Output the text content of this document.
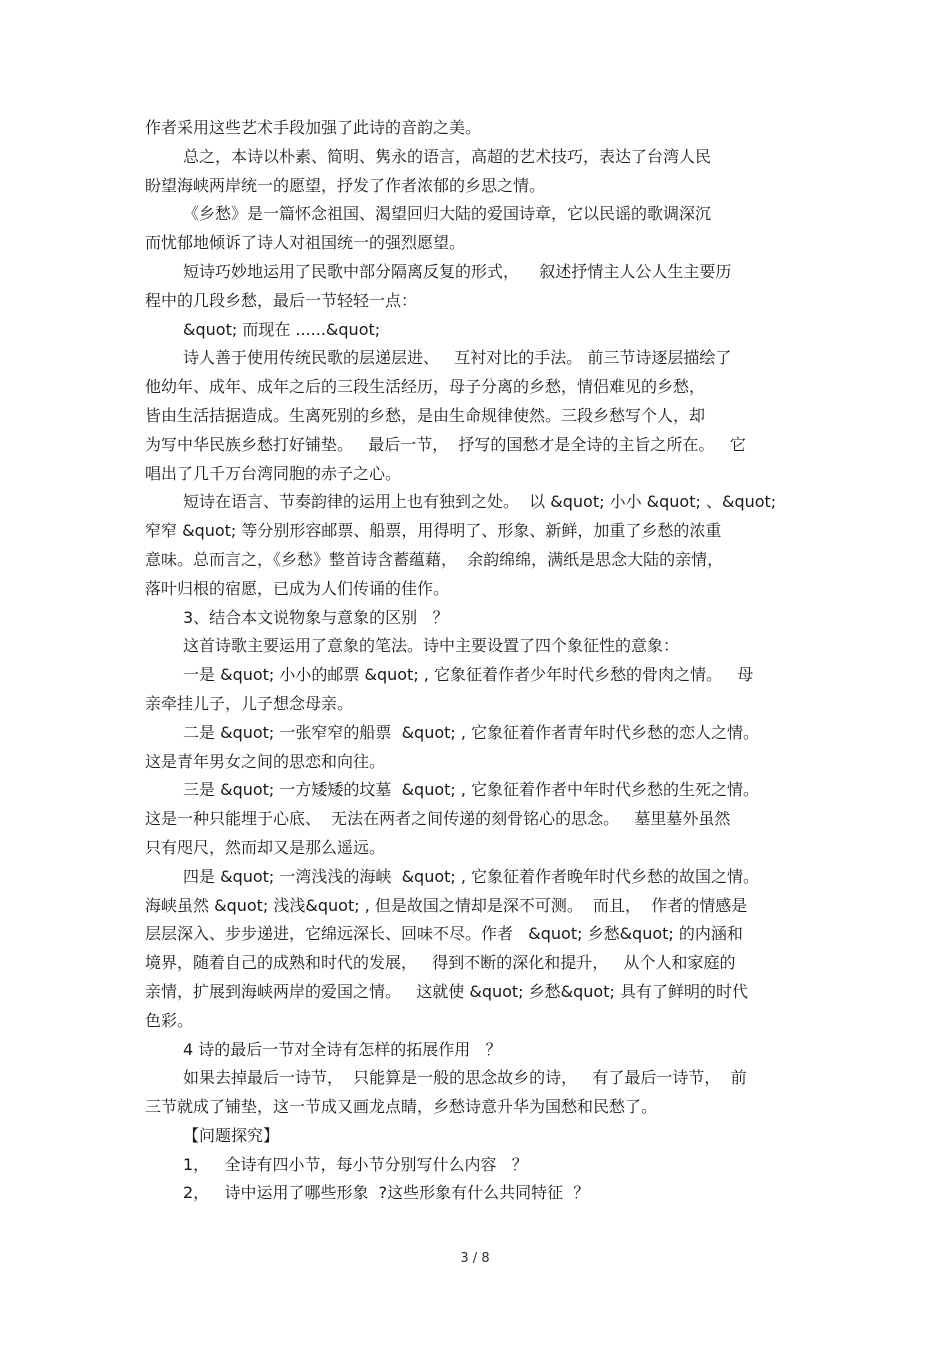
作者采用这些艺术手段加强了此诗的音韵之美。
总之，本诗以朴素、简明、隽永的语言，高超的艺术技巧，表达了台湾人民
盼望海峡两岸统一的愿望，抒发了作者浓郁的乡思之情。
《乡愁》是一篇怀念祖国、渴望回归大陆的爱国诗章，它以民谣的歌调深沉
而忧郁地倾诉了诗人对祖国统一的强烈愿望。
短诗巧妙地运用了民歌中部分隔离反复的形式，    叙述抒情主人公人生主要历
程中的几段乡愁，最后一节轻轻一点：
&quot; 而现在 ......&quot;
诗人善于使用传统民歌的层递层进、   互衬对比的手法。 前三节诗逐层描绘了
他幼年、成年、成年之后的三段生活经历，母子分离的乡愁，情侣难见的乡愁，
皆由生活拮据造成。生离死别的乡愁，是由生命规律使然。三段乡愁写个人，却
为写中华民族乡愁打好铺垫。   最后一节，  抒写的国愁才是全诗的主旨之所在。   它
唱出了几千万台湾同胞的赤子之心。
短诗在语言、节奏韵律的运用上也有独到之处。  以 &quot; 小小 &quot; 、&quot;
窄窄 &quot; 等分别形容邮票、船票，用得明了、形象、新鲜，加重了乡愁的浓重
意味。总而言之，《乡愁》整首诗含蓄蕴藉，  余韵绵绵，满纸是思念大陆的亲情，
落叶归根的宿愿，已成为人们传诵的佳作。
3、结合本文说物象与意象的区别   ？
这首诗歌主要运用了意象的笔法。诗中主要设置了四个象征性的意象：
一是 &quot; 小小的邮票 &quot; , 它象征着作者少年时代乡愁的骨肉之情。   母
亲牵挂儿子，儿子想念母亲。
二是 &quot; 一张窄窄的船票  &quot; , 它象征着作者青年时代乡愁的恋人之情。
这是青年男女之间的思恋和向往。
三是 &quot; 一方矮矮的坟墓  &quot; , 它象征着作者中年时代乡愁的生死之情。
这是一种只能埋于心底、  无法在两者之间传递的刻骨铭心的思念。   墓里墓外虽然
只有咫尺，然而却又是那么遥远。
四是 &quot; 一湾浅浅的海峡  &quot; , 它象征着作者晚年时代乡愁的故国之情。
海峡虽然 &quot; 浅浅&quot; , 但是故国之情却是深不可测。  而且，  作者的情感是
层层深入、步步递进，它绵远深长、回味不尽。作者   &quot; 乡愁&quot; 的内涵和
境界，随着自己的成熟和时代的发展，   得到不断的深化和提升，   从个人和家庭的
亲情，扩展到海峡两岸的爱国之情。   这就使 &quot; 乡愁&quot; 具有了鲜明的时代
色彩。
4 诗的最后一节对全诗有怎样的拓展作用   ？
如果去掉最后一诗节，  只能算是一般的思念故乡的诗，   有了最后一诗节，  前
三节就成了铺垫，这一节成又画龙点睛，乡愁诗意升华为国愁和民愁了。
【问题探究】
1，   全诗有四小节，每小节分别写什么内容   ？
2，   诗中运用了哪些形象  ?这些形象有什么共同特征  ？
3 / 8
